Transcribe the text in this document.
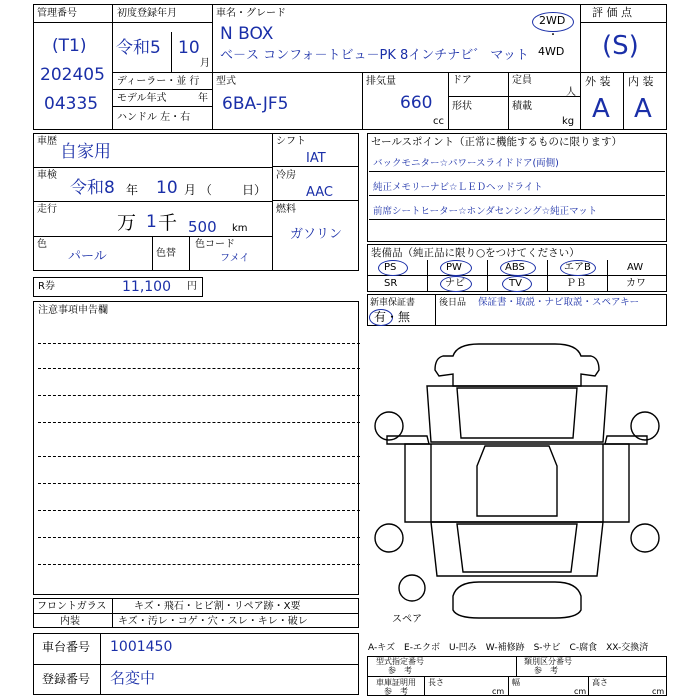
管理番号
(T1)
202405
04335
初度登録年月
令和5 10
月
車名・グレード
N BOX
ベ－ス コンフォ－トビュ－PK 8インチナビ゛ マット
2WD
・
4WD
評 価 点
(S)
ディーラー・並 行
モデル年式	年
ハンドル 左・右
型式
6BA-JF5
排気量
660
cc
ドア
形状
定員
人
積載
kg
外 装 内 装
A A
車歴
自家用
車検
令和8 年 10 月 （	日）
走行
万 1 千 500 km
色
パール	色替
色コード
フメイ
シフト
IAT
冷房
AAC
燃料
ガソリン
R券	11,100 円
注意事項申告欄
セールスポイント（正常に機能するものに限ります）
バックモニター☆パワースライドドア(両側)
純正メモリーナビ☆ＬＥＤヘッドライト
前席シートヒーター☆ホンダセンシング☆純正マット
装備品（純正品に限り○をつけてください）
PS	PW	ABS	エアB	AW
SR	ナビ	TV	ＰＢ	カワ
新車保証書
有・無
後日品 保証書・取説・ナビ取説・スペアキー
スペア
フロントガラス	キズ・飛石・ヒビ割・リペア跡・X要
内装	キズ・汚レ・コゲ・穴・スレ・キレ・破レ
車台番号 1001450
登録番号 名変中
A-キズ　E-エクボ　U-凹み　W-補修跡　S-サビ　C-腐食　XX-交換済
型式指定番号
参　考
類別区分番号
参　考
車庫証明用
参　考
長さ
cm
幅
cm
高さ
cm
